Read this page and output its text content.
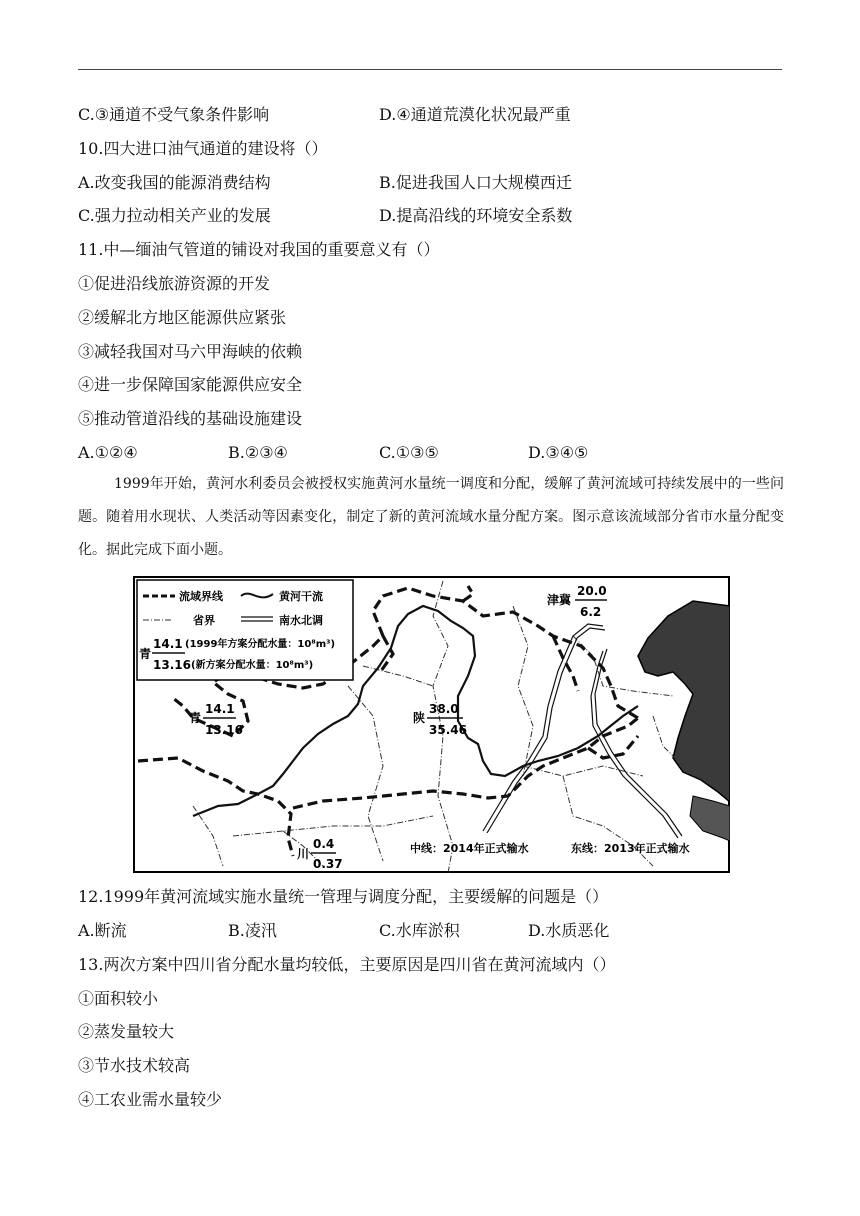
C.③通道不受气象条件影响	D.④通道荒漠化状况最严重
10.四大进口油气通道的建设将（）
A.改变我国的能源消费结构	B.促进我国人口大规模西迁
C.强力拉动相关产业的发展	D.提高沿线的环境安全系数
11.中—缅油气管道的铺设对我国的重要意义有（）
①促进沿线旅游资源的开发
②缓解北方地区能源供应紧张
③减轻我国对马六甲海峡的依赖
④进一步保障国家能源供应安全
⑤推动管道沿线的基础设施建设
A.①②④	B.②③④	C.①③⑤	D.③④⑤
1999年开始，黄河水利委员会被授权实施黄河水量统一调度和分配，缓解了黄河流域可持续发展中的一些问题。随着用水现状、人类活动等因素变化，制定了新的黄河流域水量分配方案。图示意该流域部分省市水量分配变化。据此完成下面小题。
流域界线	黄河干流
省界	南水北调
青
14.1
13.16
(1999年方案分配水量：10⁸m³)
(新方案分配水量：10⁸m³)
青
14.1
13.16
陕
38.0
35.46
津冀
20.0
6.2
川
0.4
0.37
中线：2014年正式输水	东线：2013年正式输水
12.1999年黄河流域实施水量统一管理与调度分配，主要缓解的问题是（）
A.断流	B.凌汛	C.水库淤积	D.水质恶化
13.两次方案中四川省分配水量均较低，主要原因是四川省在黄河流域内（）
①面积较小
②蒸发量较大
③节水技术较高
④工农业需水量较少
